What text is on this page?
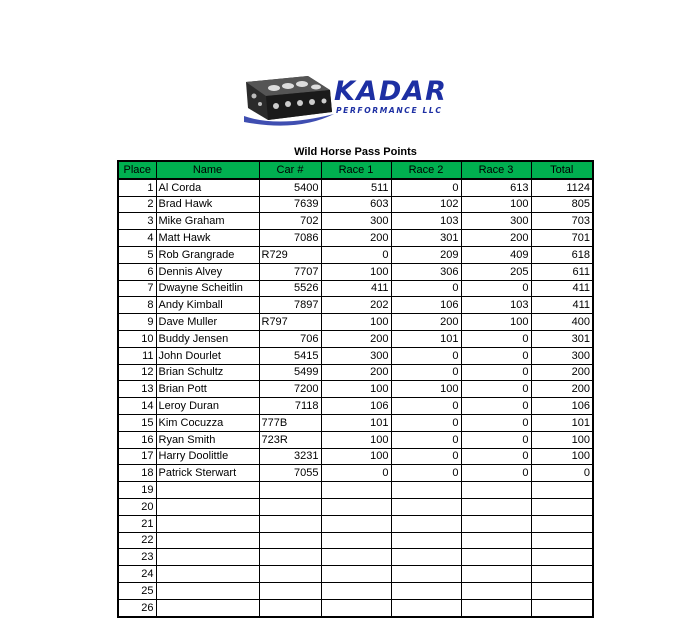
KADAR
PERFORMANCE LLC
Wild Horse Pass Points
Place	Name	Car #	Race 1	Race 2	Race 3	Total
1	Al Corda	5400	511	0	613	1124
2	Brad Hawk	7639	603	102	100	805
3	Mike Graham	702	300	103	300	703
4	Matt Hawk	7086	200	301	200	701
5	Rob Grangrade	R729	0	209	409	618
6	Dennis Alvey	7707	100	306	205	611
7	Dwayne Scheitlin	5526	411	0	0	411
8	Andy Kimball	7897	202	106	103	411
9	Dave Muller	R797	100	200	100	400
10	Buddy Jensen	706	200	101	0	301
11	John Dourlet	5415	300	0	0	300
12	Brian Schultz	5499	200	0	0	200
13	Brian Pott	7200	100	100	0	200
14	Leroy Duran	7118	106	0	0	106
15	Kim Cocuzza	777B	101	0	0	101
16	Ryan Smith	723R	100	0	0	100
17	Harry Doolittle	3231	100	0	0	100
18	Patrick Sterwart	7055	0	0	0	0
19						
20						
21						
22						
23						
24						
25						
26						
